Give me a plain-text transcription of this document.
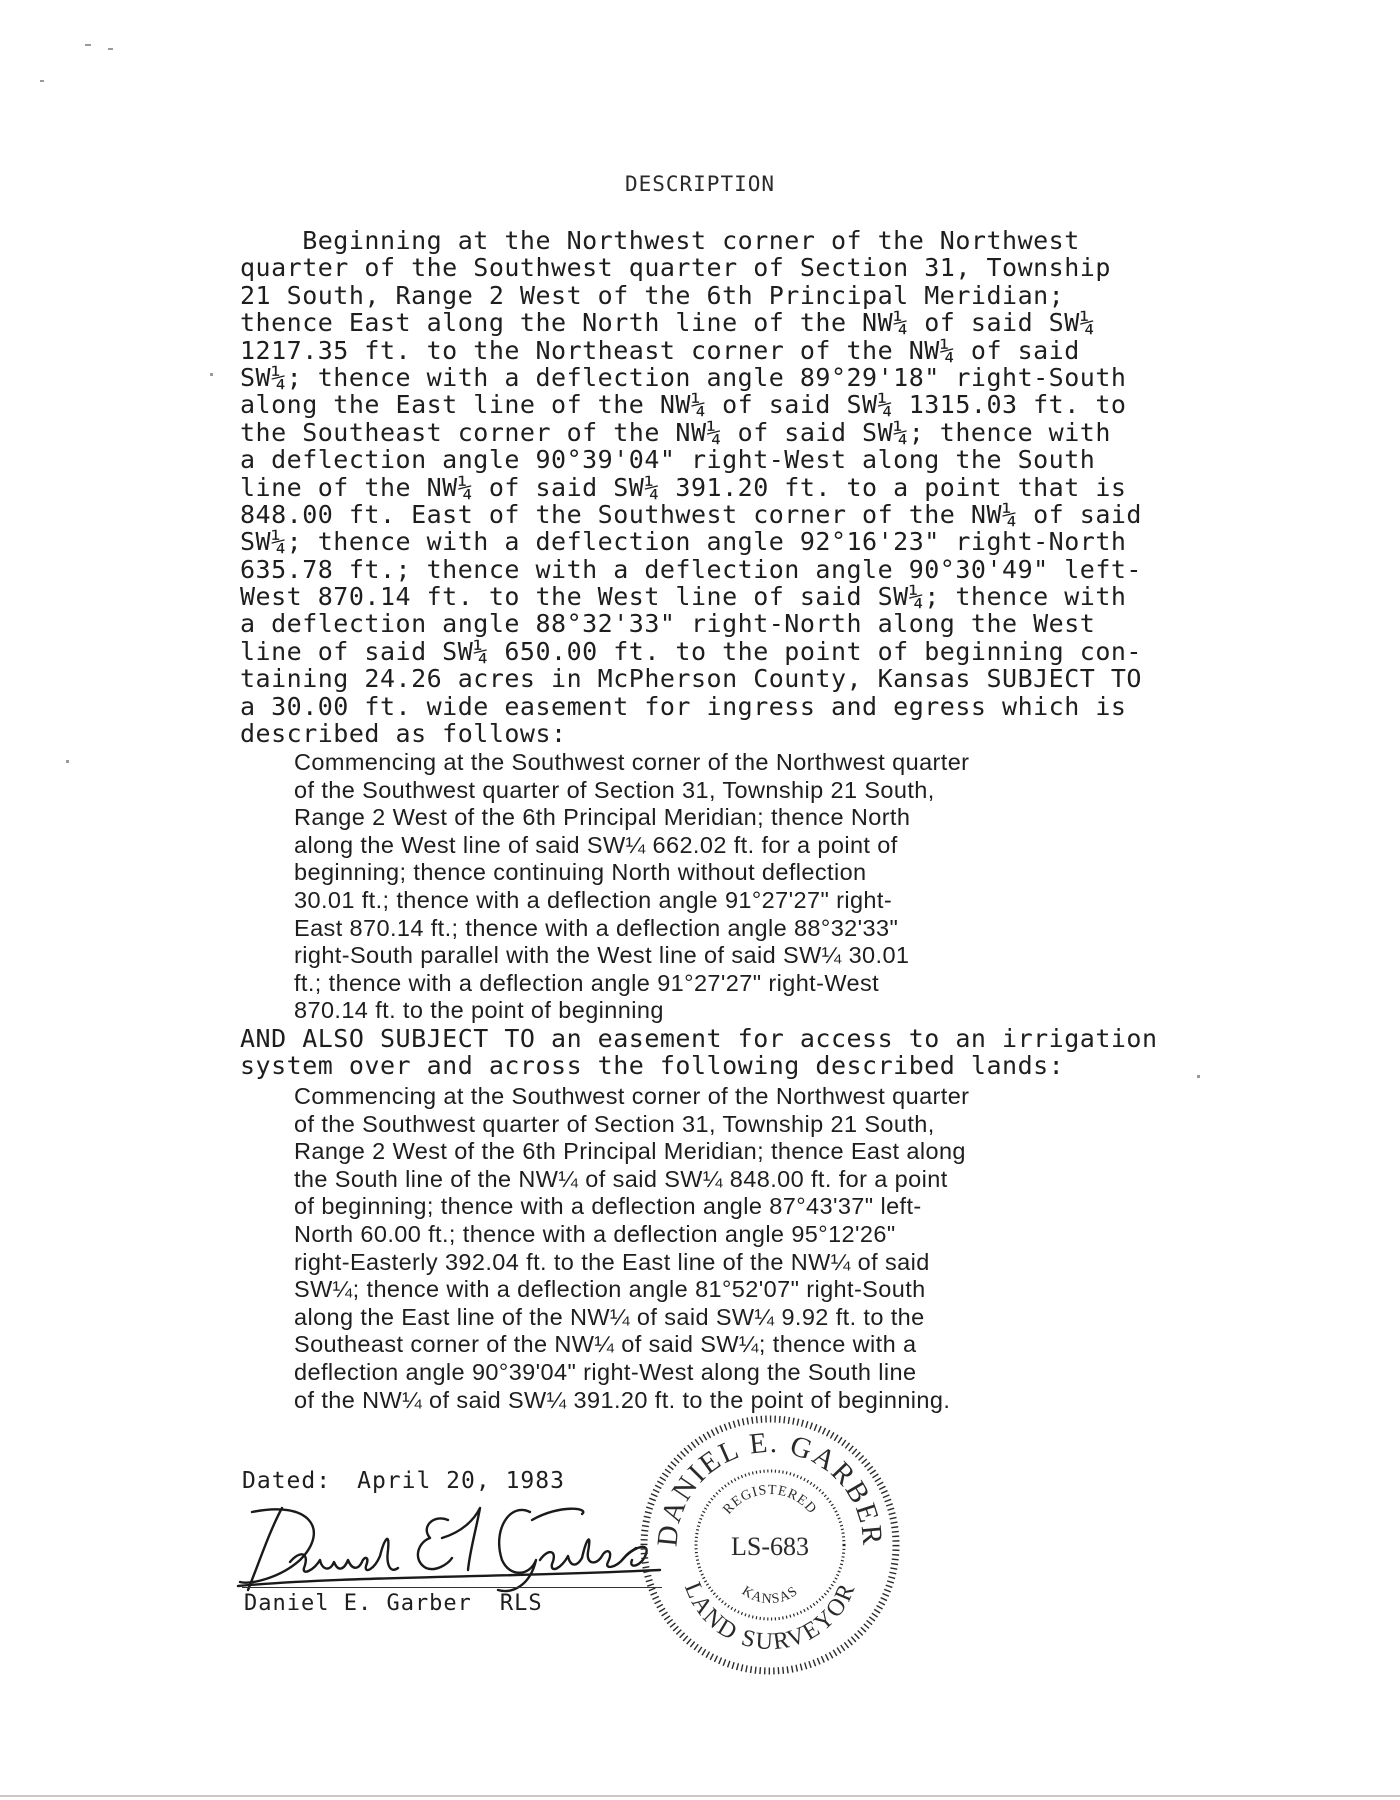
DESCRIPTION
Beginning at the Northwest corner of the Northwest
quarter of the Southwest quarter of Section 31, Township
21 South, Range 2 West of the 6th Principal Meridian;
thence East along the North line of the NW¼ of said SW¼
1217.35 ft. to the Northeast corner of the NW¼ of said
SW¼; thence with a deflection angle 89°29'18" right-South
along the East line of the NW¼ of said SW¼ 1315.03 ft. to
the Southeast corner of the NW¼ of said SW¼; thence with
a deflection angle 90°39'04" right-West along the South
line of the NW¼ of said SW¼ 391.20 ft. to a point that is
848.00 ft. East of the Southwest corner of the NW¼ of said
SW¼; thence with a deflection angle 92°16'23" right-North
635.78 ft.; thence with a deflection angle 90°30'49" left-
West 870.14 ft. to the West line of said SW¼; thence with
a deflection angle 88°32'33" right-North along the West
line of said SW¼ 650.00 ft. to the point of beginning con-
taining 24.26 acres in McPherson County, Kansas SUBJECT TO
a 30.00 ft. wide easement for ingress and egress which is
described as follows:
Commencing at the Southwest corner of the Northwest quarter
of the Southwest quarter of Section 31, Township 21 South,
Range 2 West of the 6th Principal Meridian; thence North
along the West line of said SW¼ 662.02 ft. for a point of
beginning; thence continuing North without deflection
30.01 ft.; thence with a deflection angle 91°27'27" right-
East 870.14 ft.; thence with a deflection angle 88°32'33"
right-South parallel with the West line of said SW¼ 30.01
ft.; thence with a deflection angle 91°27'27" right-West
870.14 ft. to the point of beginning
AND ALSO SUBJECT TO an easement for access to an irrigation
system over and across the following described lands:
Commencing at the Southwest corner of the Northwest quarter
of the Southwest quarter of Section 31, Township 21 South,
Range 2 West of the 6th Principal Meridian; thence East along
the South line of the NW¼ of said SW¼ 848.00 ft. for a point
of beginning; thence with a deflection angle 87°43'37" left-
North 60.00 ft.; thence with a deflection angle 95°12'26"
right-Easterly 392.04 ft. to the East line of the NW¼ of said
SW¼; thence with a deflection angle 81°52'07" right-South
along the East line of the NW¼ of said SW¼ 9.92 ft. to the
Southeast corner of the NW¼ of said SW¼; thence with a
deflection angle 90°39'04" right-West along the South line
of the NW¼ of said SW¼ 391.20 ft. to the point of beginning.
Dated: April 20, 1983
Daniel E. Garber RLS
DANIEL E. GARBER
LAND SURVEYOR
REGISTERED
KANSAS
LS-683
